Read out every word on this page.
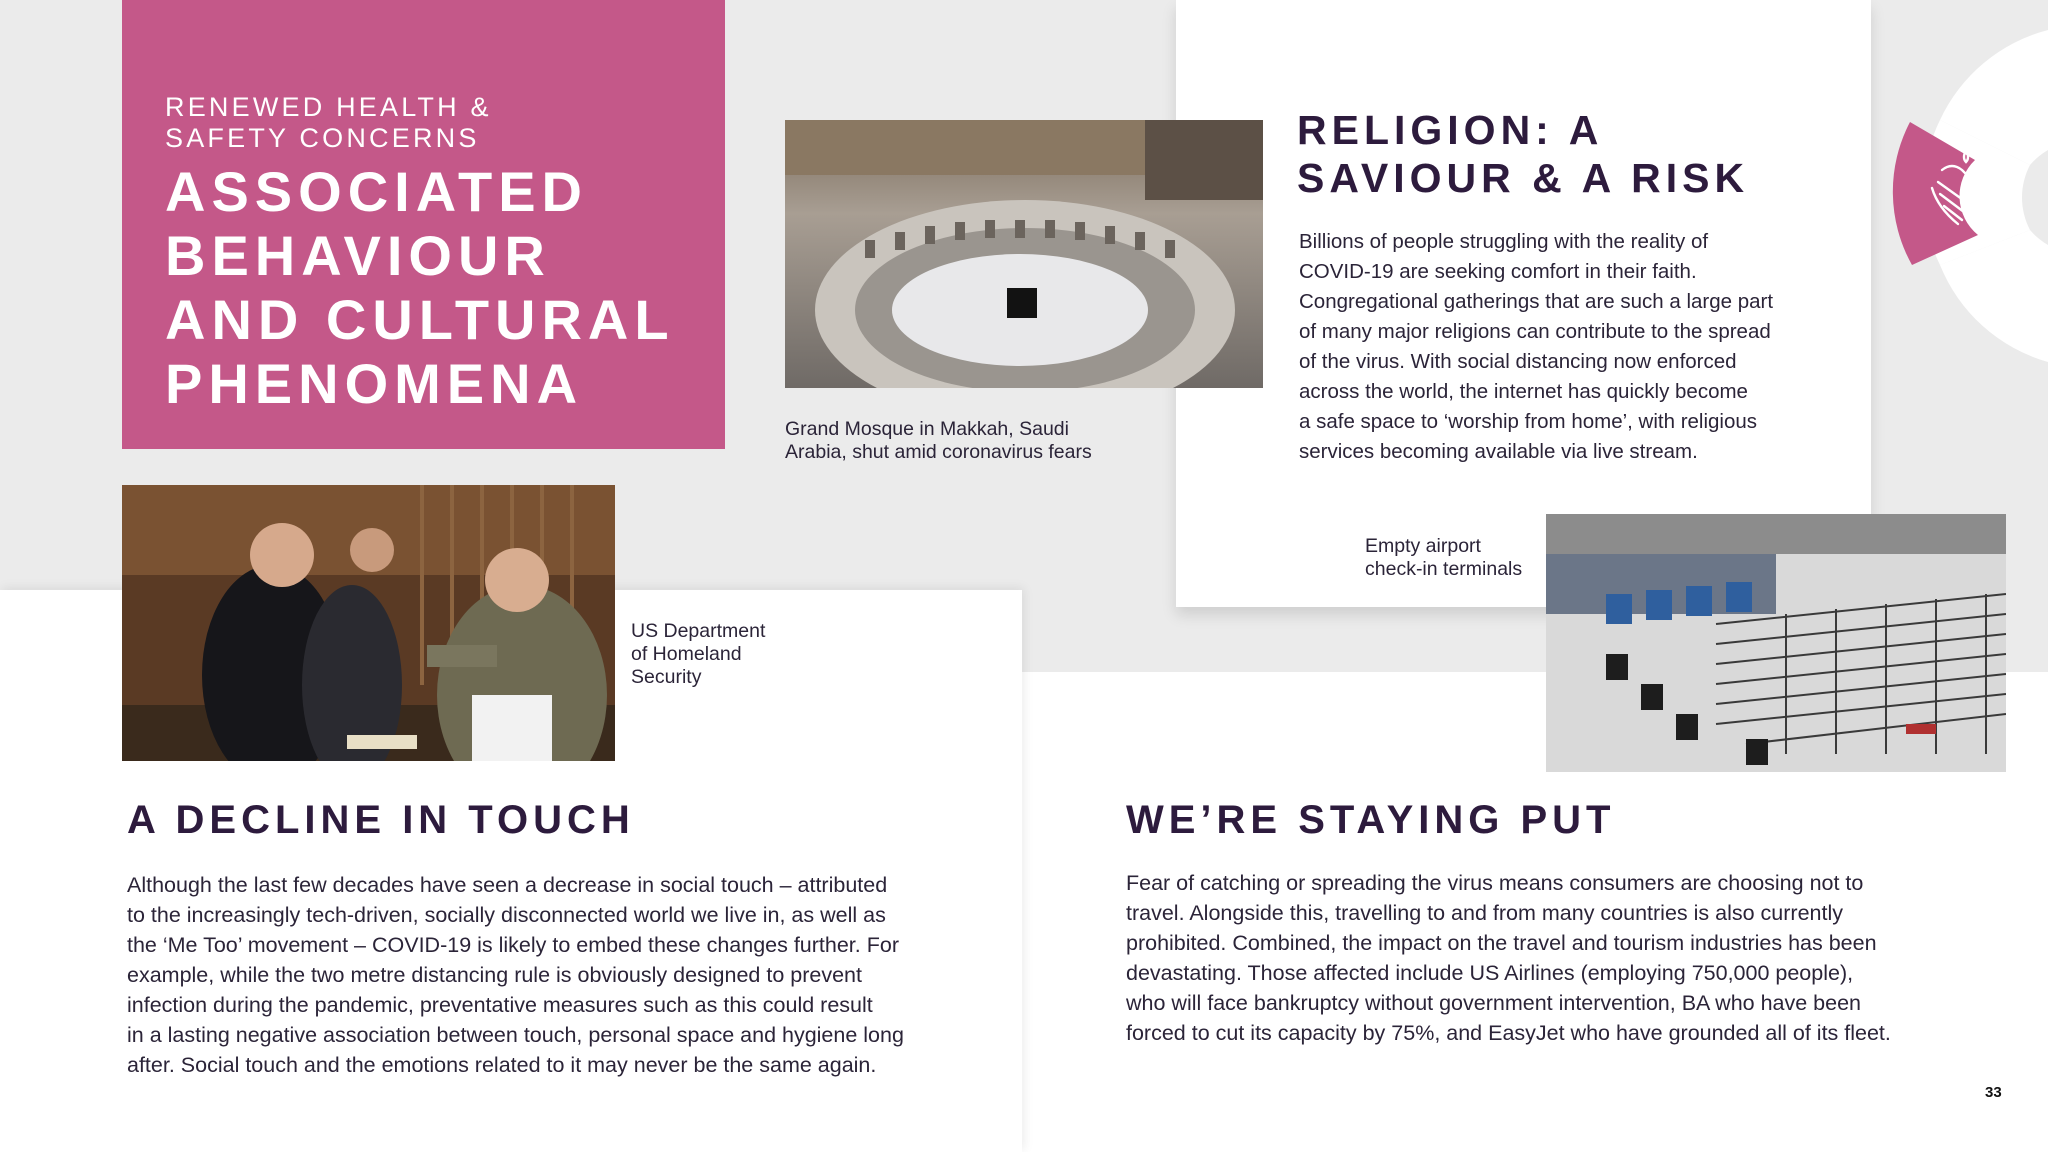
RENEWED HEALTH &
SAFETY CONCERNS
ASSOCIATED
BEHAVIOUR
AND CULTURAL
PHENOMENA
Grand Mosque in Makkah, Saudi
Arabia, shut amid coronavirus fears
RELIGION: A
SAVIOUR & A RISK
Billions of people struggling with the reality of
COVID-19 are seeking comfort in their faith.
Congregational gatherings that are such a large part
of many major religions can contribute to the spread
of the virus. With social distancing now enforced
across the world, the internet has quickly become
a safe space to ‘worship from home’, with religious
services becoming available via live stream.
US Department
of Homeland
Security
Empty airport
check-in terminals
A DECLINE IN TOUCH
Although the last few decades have seen a decrease in social touch – attributed
to the increasingly tech-driven, socially disconnected world we live in, as well as
the ‘Me Too’ movement – COVID-19 is likely to embed these changes further. For
example, while the two metre distancing rule is obviously designed to prevent
infection during the pandemic, preventative measures such as this could result
in a lasting negative association between touch, personal space and hygiene long
after. Social touch and the emotions related to it may never be the same again.
WE’RE STAYING PUT
Fear of catching or spreading the virus means consumers are choosing not to
travel. Alongside this, travelling to and from many countries is also currently
prohibited. Combined, the impact on the travel and tourism industries has been
devastating. Those affected include US Airlines (employing 750,000 people),
who will face bankruptcy without government intervention, BA who have been
forced to cut its capacity by 75%, and EasyJet who have grounded all of its fleet.
33
